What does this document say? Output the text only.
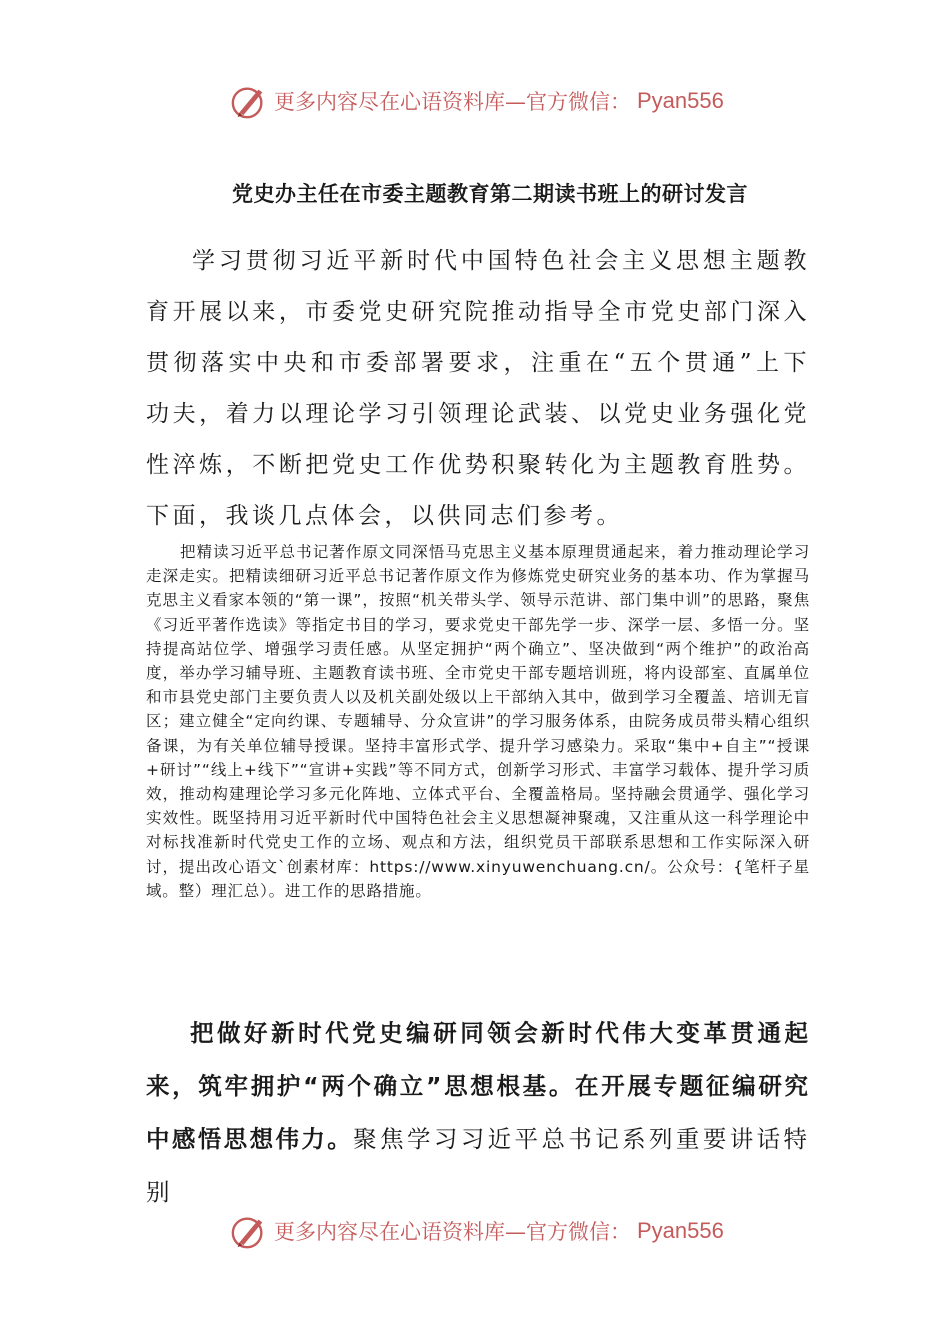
更多内容尽在心语资料库—官方微信： Pyan556
党史办主任在市委主题教育第二期读书班上的研讨发言

学习贯彻习近平新时代中国特色社会主义思想主题教育开展以来，市委党史研究院推动指导全市党史部门深入贯彻落实中央和市委部署要求，注重在“五个贯通”上下功夫，着力以理论学习引领理论武装、以党史业务强化党性淬炼，不断把党史工作优势积聚转化为主题教育胜势。下面，我谈几点体会，以供同志们参考。

把精读习近平总书记著作原文同深悟马克思主义基本原理贯通起来，着力推动理论学习走深走实。把精读细研习近平总书记著作原文作为修炼党史研究业务的基本功、作为掌握马克思主义看家本领的“第一课”，按照“机关带头学、领导示范讲、部门集中训”的思路，聚焦《习近平著作选读》等指定书目的学习，要求党史干部先学一步、深学一层、多悟一分。坚持提高站位学、增强学习责任感。从坚定拥护“两个确立”、坚决做到“两个维护”的政治高度，举办学习辅导班、主题教育读书班、全市党史干部专题培训班，将内设部室、直属单位和市县党史部门主要负责人以及机关副处级以上干部纳入其中，做到学习全覆盖、培训无盲区；建立健全“定向约课、专题辅导、分众宣讲”的学习服务体系，由院务成员带头精心组织备课，为有关单位辅导授课。坚持丰富形式学、提升学习感染力。采取“集中+自主”“授课+研讨”“线上+线下”“宣讲+实践”等不同方式，创新学习形式、丰富学习载体、提升学习质效，推动构建理论学习多元化阵地、立体式平台、全覆盖格局。坚持融会贯通学、强化学习实效性。既坚持用习近平新时代中国特色社会主义思想凝神聚魂，又注重从这一科学理论中对标找准新时代党史工作的立场、观点和方法，组织党员干部联系思想和工作实际深入研讨，提出改心语文`创素材库：https://www.xinyuwenchuang.cn/。公众号：{笔杆子星域。整）理汇总）。进工作的思路措施。

把做好新时代党史编研同领会新时代伟大变革贯通起来，筑牢拥护“两个确立”思想根基。在开展专题征编研究中感悟思想伟力。聚焦学习习近平总书记系列重要讲话特别

更多内容尽在心语资料库—官方微信： Pyan556
